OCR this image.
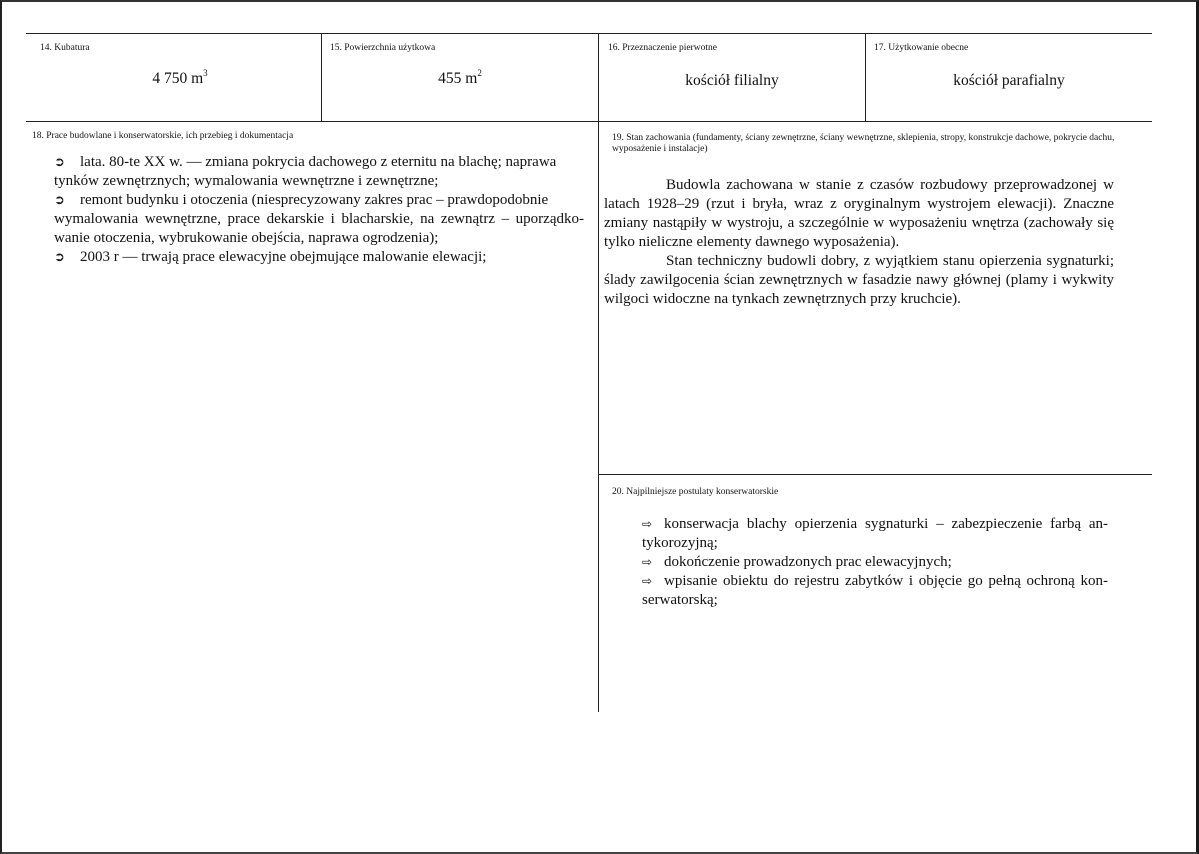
14. Kubatura
4 750 $m^3$
15. Powierzchnia użytkowa
455 $m^2$
16. Przeznaczenie pierwotne
kościół filialny
17. Użytkowanie obecne
kościół parafialny
18. Prace budowlane i konserwatorskie, ich przebieg i dokumentacja

➲ lata. 80-te XX w. — zmiana pokrycia dachowego z eternitu na blachę; naprawa
tynków zewnętrznych; wymalowania wewnętrzne i zewnętrzne;

➲ remont budynku i otoczenia (niesprecyzowany zakres prac – prawdopodobnie
wymalowania wewnętrzne, prace dekarskie i blacharskie, na zewnątrz – uporządko-wanie otoczenia, wybrukowanie obejścia, naprawa ogrodzenia);

➲ 2003 r — trwają prace elewacyjne obejmujące malowanie elewacji;

19. Stan zachowania (fundamenty, ściany zewnętrzne, ściany wewnętrzne, sklepienia, stropy, konstrukcje dachowe, pokrycie dachu, wyposażenie i instalacje)

Budowla zachowana w stanie z czasów rozbudowy przeprowadzonej w latach 1928–29 (rzut i bryła, wraz z oryginalnym wystrojem elewacji). Znaczne zmiany nastąpiły w wystroju, a szczególnie w wyposażeniu wnętrza (zachowały się tylko nieliczne elementy dawnego wyposażenia).

Stan techniczny budowli dobry, z wyjątkiem stanu opierzenia sygnaturki; ślady zawilgocenia ścian zewnętrznych w fasadzie nawy głównej (plamy i wykwity wilgoci widoczne na tynkach zewnętrznych przy kruchcie).

20. Najpilniejsze postulaty konserwatorskie

⇨ konserwacja blachy opierzenia sygnaturki – zabezpieczenie farbą an-tykorozyjną;

⇨ dokończenie prowadzonych prac elewacyjnych;

⇨ wpisanie obiektu do rejestru zabytków i objęcie go pełną ochroną kon-serwatorską;
